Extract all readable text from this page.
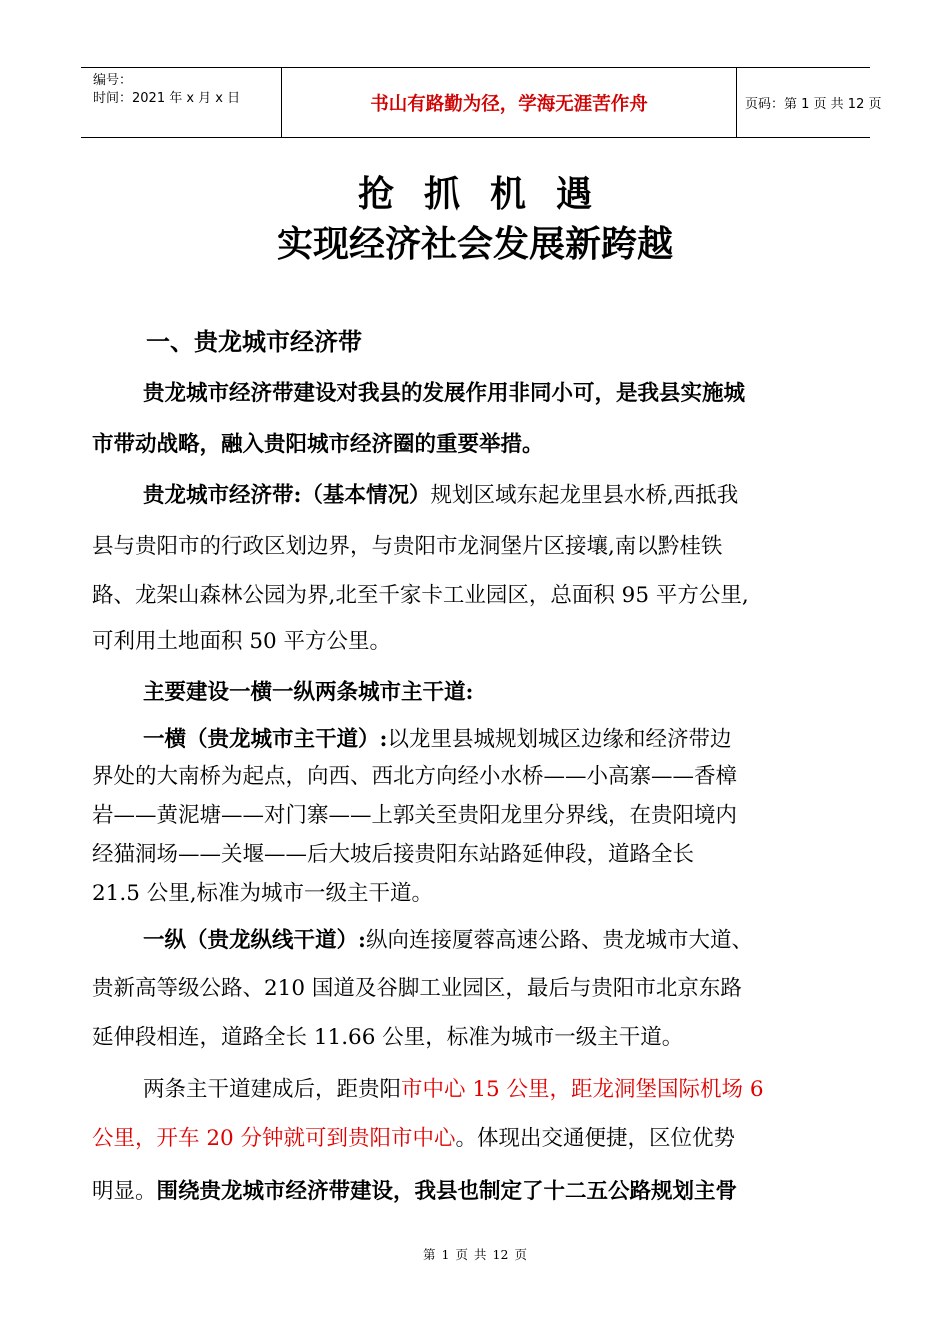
编号：
时间：2021 年 x 月 x 日	书山有路勤为径，学海无涯苦作舟	页码：第 1 页 共 12 页
抢抓机遇
实现经济社会发展新跨越
一、贵龙城市经济带
贵龙城市经济带建设对我县的发展作用非同小可，是我县实施城
市带动战略，融入贵阳城市经济圈的重要举措。
贵龙城市经济带:（基本情况）规划区域东起龙里县水桥,西抵我
县与贵阳市的行政区划边界，与贵阳市龙洞堡片区接壤,南以黔桂铁
路、龙架山森林公园为界,北至千家卡工业园区，总面积 95 平方公里,
可利用土地面积 50 平方公里。
主要建设一横一纵两条城市主干道:
一横（贵龙城市主干道）:以龙里县城规划城区边缘和经济带边
界处的大南桥为起点，向西、西北方向经小水桥——小高寨——香樟
岩——黄泥塘——对门寨——上郭关至贵阳龙里分界线，在贵阳境内
经猫洞场——关堰——后大坡后接贵阳东站路延伸段，道路全长
21.5 公里,标准为城市一级主干道。
一纵（贵龙纵线干道）:纵向连接厦蓉高速公路、贵龙城市大道、
贵新高等级公路、210 国道及谷脚工业园区，最后与贵阳市北京东路
延伸段相连，道路全长 11.66 公里，标准为城市一级主干道。
两条主干道建成后，距贵阳市中心 15 公里，距龙洞堡国际机场 6
公里，开车 20 分钟就可到贵阳市中心。体现出交通便捷，区位优势
明显。围绕贵龙城市经济带建设，我县也制定了十二五公路规划主骨
第 1 页 共 12 页
